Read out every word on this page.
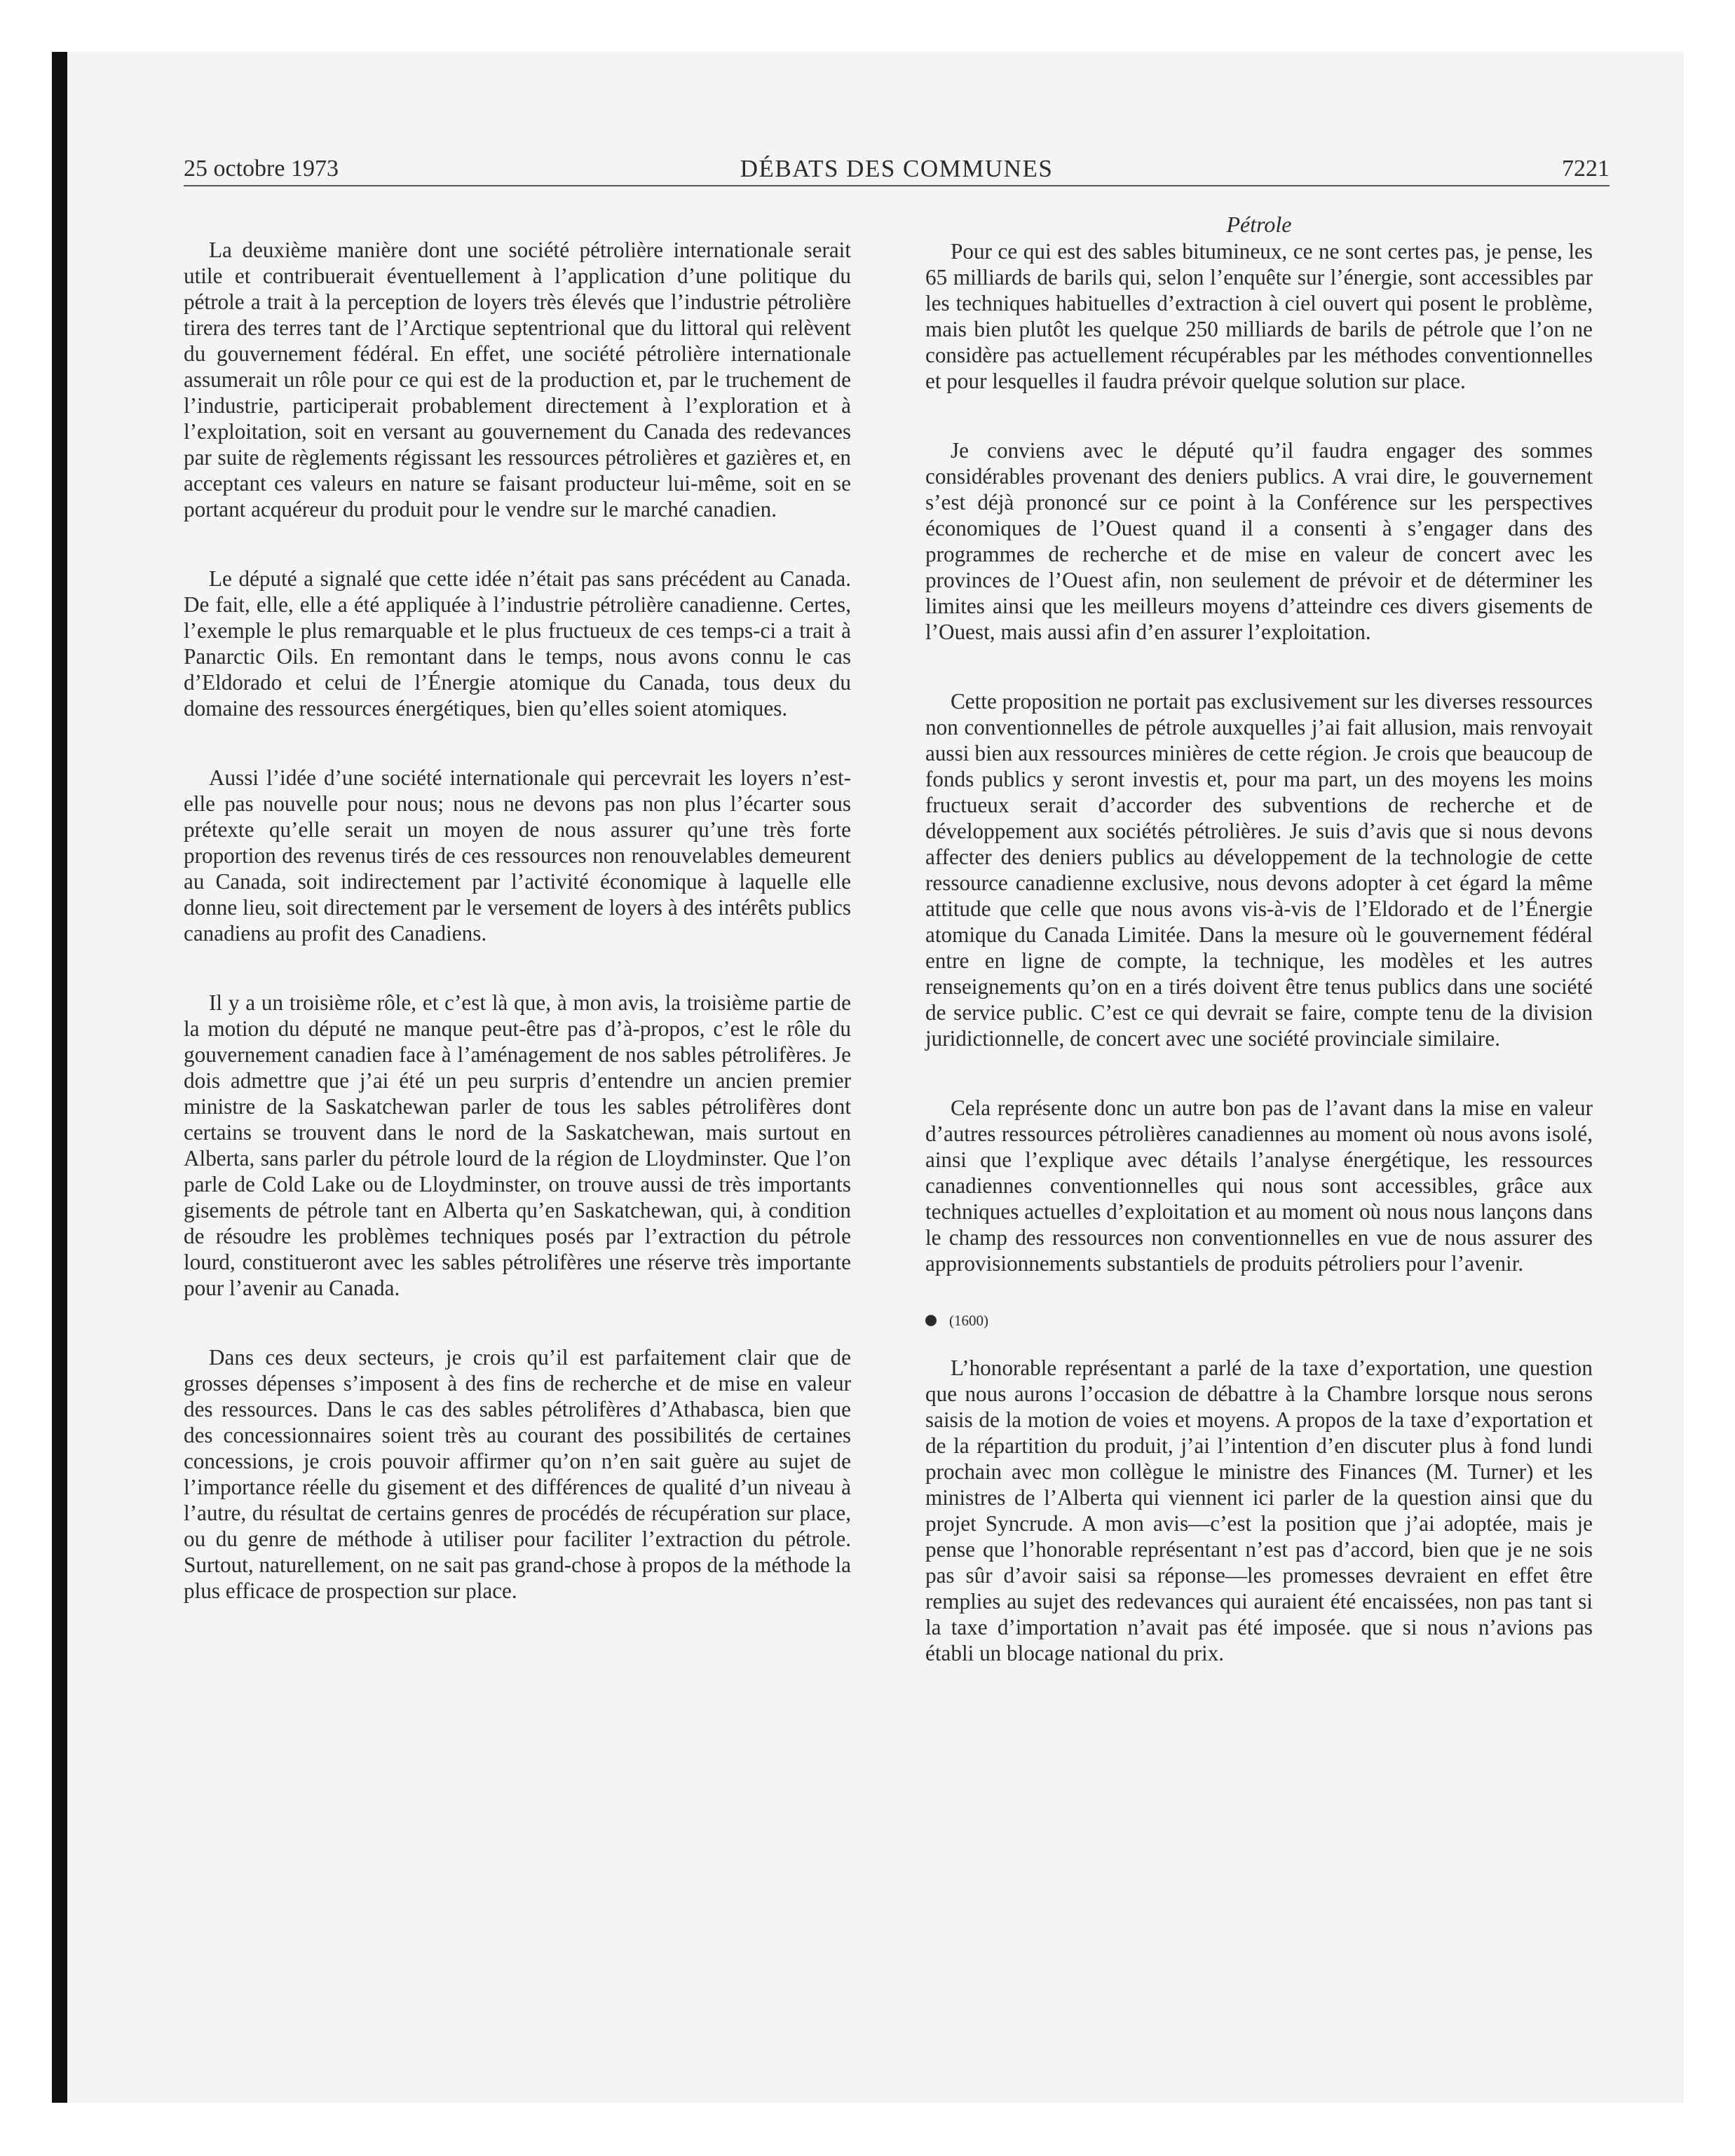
25 octobre 1973	DÉBATS DES COMMUNES	7221

La deuxième manière dont une société pétrolière internationale serait utile et contribuerait éventuellement à l’application d’une politique du pétrole a trait à la perception de loyers très élevés que l’industrie pétrolière tirera des terres tant de l’Arctique septentrional que du littoral qui relèvent du gouvernement fédéral. En effet, une société pétrolière internationale assumerait un rôle pour ce qui est de la production et, par le truchement de l’industrie, participerait probablement directement à l’exploration et à l’exploitation, soit en versant au gouvernement du Canada des redevances par suite de règlements régissant les ressources pétrolières et gazières et, en acceptant ces valeurs en nature se faisant producteur lui-même, soit en se portant acquéreur du produit pour le vendre sur le marché canadien.

Le député a signalé que cette idée n’était pas sans précédent au Canada. De fait, elle, elle a été appliquée à l’industrie pétrolière canadienne. Certes, l’exemple le plus remarquable et le plus fructueux de ces temps-ci a trait à Panarctic Oils. En remontant dans le temps, nous avons connu le cas d’Eldorado et celui de l’Énergie atomique du Canada, tous deux du domaine des ressources énergétiques, bien qu’elles soient atomiques.

Aussi l’idée d’une société internationale qui percevrait les loyers n’est-elle pas nouvelle pour nous; nous ne devons pas non plus l’écarter sous prétexte qu’elle serait un moyen de nous assurer qu’une très forte proportion des revenus tirés de ces ressources non renouvelables demeurent au Canada, soit indirectement par l’activité économique à laquelle elle donne lieu, soit directement par le versement de loyers à des intérêts publics canadiens au profit des Canadiens.

Il y a un troisième rôle, et c’est là que, à mon avis, la troisième partie de la motion du député ne manque peut-être pas d’à-propos, c’est le rôle du gouvernement canadien face à l’aménagement de nos sables pétrolifères. Je dois admettre que j’ai été un peu surpris d’entendre un ancien premier ministre de la Saskatchewan parler de tous les sables pétrolifères dont certains se trouvent dans le nord de la Saskatchewan, mais surtout en Alberta, sans parler du pétrole lourd de la région de Lloydminster. Que l’on parle de Cold Lake ou de Lloydminster, on trouve aussi de très importants gisements de pétrole tant en Alberta qu’en Saskatchewan, qui, à condition de résoudre les problèmes techniques posés par l’extraction du pétrole lourd, constitueront avec les sables pétrolifères une réserve très importante pour l’avenir au Canada.

Dans ces deux secteurs, je crois qu’il est parfaitement clair que de grosses dépenses s’imposent à des fins de recherche et de mise en valeur des ressources. Dans le cas des sables pétrolifères d’Athabasca, bien que des concessionnaires soient très au courant des possibilités de certaines concessions, je crois pouvoir affirmer qu’on n’en sait guère au sujet de l’importance réelle du gisement et des différences de qualité d’un niveau à l’autre, du résultat de certains genres de procédés de récupération sur place, ou du genre de méthode à utiliser pour faciliter l’extraction du pétrole. Surtout, naturellement, on ne sait pas grand-chose à propos de la méthode la plus efficace de prospection sur place.

Pétrole

Pour ce qui est des sables bitumineux, ce ne sont certes pas, je pense, les 65 milliards de barils qui, selon l’enquête sur l’énergie, sont accessibles par les techniques habituelles d’extraction à ciel ouvert qui posent le problème, mais bien plutôt les quelque 250 milliards de barils de pétrole que l’on ne considère pas actuellement récupérables par les méthodes conventionnelles et pour lesquelles il faudra prévoir quelque solution sur place.

Je conviens avec le député qu’il faudra engager des sommes considérables provenant des deniers publics. A vrai dire, le gouvernement s’est déjà prononcé sur ce point à la Conférence sur les perspectives économiques de l’Ouest quand il a consenti à s’engager dans des programmes de recherche et de mise en valeur de concert avec les provinces de l’Ouest afin, non seulement de prévoir et de déterminer les limites ainsi que les meilleurs moyens d’atteindre ces divers gisements de l’Ouest, mais aussi afin d’en assurer l’exploitation.

Cette proposition ne portait pas exclusivement sur les diverses ressources non conventionnelles de pétrole auxquelles j’ai fait allusion, mais renvoyait aussi bien aux ressources minières de cette région. Je crois que beaucoup de fonds publics y seront investis et, pour ma part, un des moyens les moins fructueux serait d’accorder des subventions de recherche et de développement aux sociétés pétrolières. Je suis d’avis que si nous devons affecter des deniers publics au développement de la technologie de cette ressource canadienne exclusive, nous devons adopter à cet égard la même attitude que celle que nous avons vis-à-vis de l’Eldorado et de l’Énergie atomique du Canada Limitée. Dans la mesure où le gouvernement fédéral entre en ligne de compte, la technique, les modèles et les autres renseignements qu’on en a tirés doivent être tenus publics dans une société de service public. C’est ce qui devrait se faire, compte tenu de la division juridictionnelle, de concert avec une société provinciale similaire.

Cela représente donc un autre bon pas de l’avant dans la mise en valeur d’autres ressources pétrolières canadiennes au moment où nous avons isolé, ainsi que l’explique avec détails l’analyse énergétique, les ressources canadiennes conventionnelles qui nous sont accessibles, grâce aux techniques actuelles d’exploitation et au moment où nous nous lançons dans le champ des ressources non conventionnelles en vue de nous assurer des approvisionnements substantiels de produits pétroliers pour l’avenir.

(1600)

L’honorable représentant a parlé de la taxe d’exportation, une question que nous aurons l’occasion de débattre à la Chambre lorsque nous serons saisis de la motion de voies et moyens. A propos de la taxe d’exportation et de la répartition du produit, j’ai l’intention d’en discuter plus à fond lundi prochain avec mon collègue le ministre des Finances (M. Turner) et les ministres de l’Alberta qui viennent ici parler de la question ainsi que du projet Syncrude. A mon avis—c’est la position que j’ai adoptée, mais je pense que l’honorable représentant n’est pas d’accord, bien que je ne sois pas sûr d’avoir saisi sa réponse—les promesses devraient en effet être remplies au sujet des redevances qui auraient été encaissées, non pas tant si la taxe d’importation n’avait pas été imposée. que si nous n’avions pas établi un blocage national du prix.
